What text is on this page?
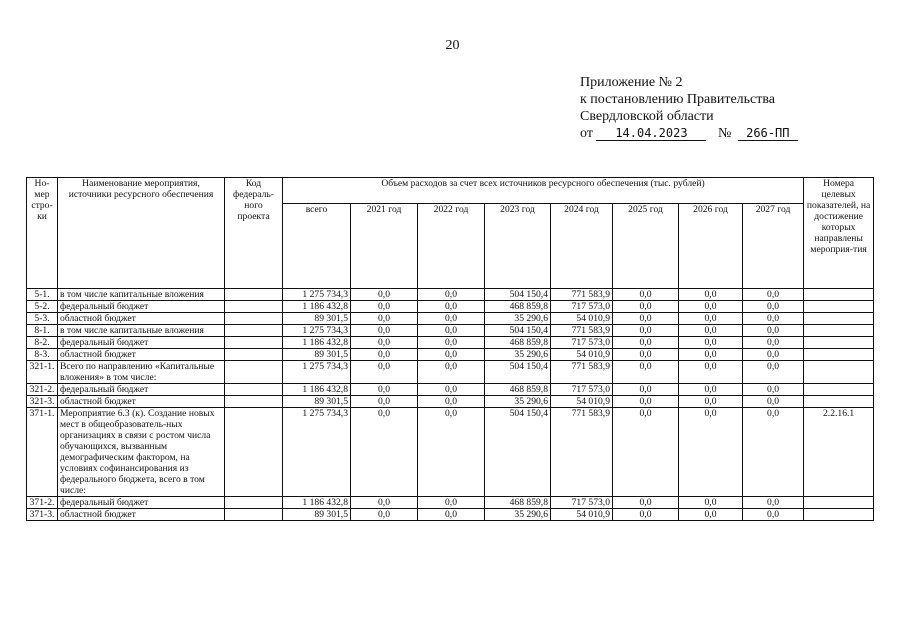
20
Приложение № 2
к постановлению Правительства
Свердловской области
от 14.04.2023 № 266-ПП
Но-мер стро-ки	Наименование мероприятия, источники ресурсного обеспечения	Код федераль-ного проекта	Объем расходов за счет всех источников ресурсного обеспечения (тыс. рублей)								Номера целевых показателей, на достижение которых направлены мероприя-тия
			всего	2021 год	2022 год	2023 год	2024 год	2025 год	2026 год	2027 год	
5-1.	в том числе капитальные вложения		1 275 734,3	0,0	0,0	504 150,4	771 583,9	0,0	0,0	0,0	
5-2.	федеральный бюджет		1 186 432,8	0,0	0,0	468 859,8	717 573,0	0,0	0,0	0,0	
5-3.	областной бюджет		89 301,5	0,0	0,0	35 290,6	54 010,9	0,0	0,0	0,0	
8-1.	в том числе капитальные вложения		1 275 734,3	0,0	0,0	504 150,4	771 583,9	0,0	0,0	0,0	
8-2.	федеральный бюджет		1 186 432,8	0,0	0,0	468 859,8	717 573,0	0,0	0,0	0,0	
8-3.	областной бюджет		89 301,5	0,0	0,0	35 290,6	54 010,9	0,0	0,0	0,0	
321-1.	Всего по направлению «Капитальные вложения» в том числе:		1 275 734,3	0,0	0,0	504 150,4	771 583,9	0,0	0,0	0,0	
321-2.	федеральный бюджет		1 186 432,8	0,0	0,0	468 859,8	717 573,0	0,0	0,0	0,0	
321-3.	областной бюджет		89 301,5	0,0	0,0	35 290,6	54 010,9	0,0	0,0	0,0	
371-1.	Мероприятие 6.3 (к). Создание новых мест в общеобразователь-ных организациях в связи с ростом числа обучающихся, вызванным демографическим фактором, на условиях софинансирования из федерального бюджета, всего в том числе:		1 275 734,3	0,0	0,0	504 150,4	771 583,9	0,0	0,0	0,0	2.2.16.1
371-2.	федеральный бюджет		1 186 432,8	0,0	0,0	468 859,8	717 573,0	0,0	0,0	0,0	
371-3.	областной бюджет		89 301,5	0,0	0,0	35 290,6	54 010,9	0,0	0,0	0,0	
